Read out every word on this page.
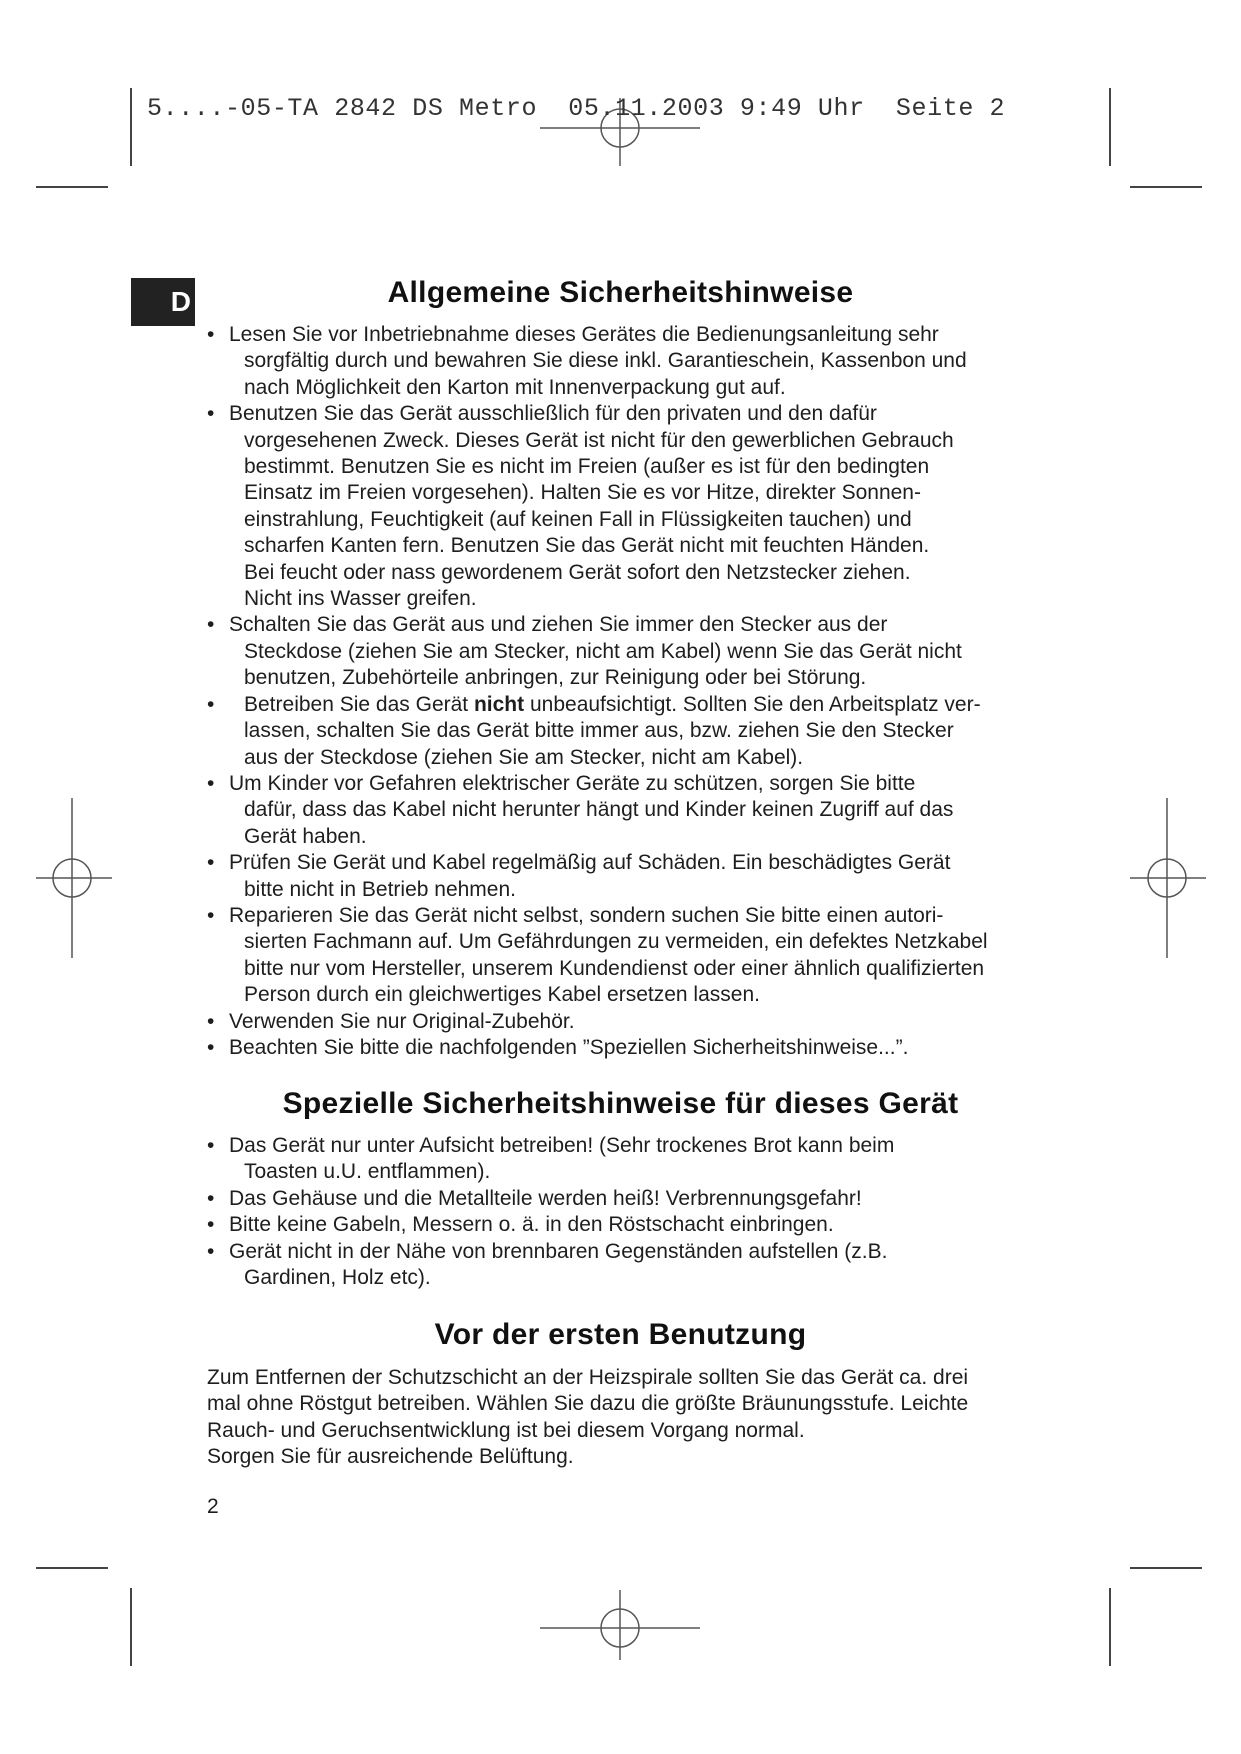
5....-05-TA 2842 DS Metro  05.11.2003 9:49 Uhr  Seite 2
D	Allgemeine Sicherheitshinweise
• Lesen Sie vor Inbetriebnahme dieses Gerätes die Bedienungsanleitung sehr
sorgfältig durch und bewahren Sie diese inkl. Garantieschein, Kassenbon und
nach Möglichkeit den Karton mit Innenverpackung gut auf.
• Benutzen Sie das Gerät ausschließlich für den privaten und den dafür
vorgesehenen Zweck. Dieses Gerät ist nicht für den gewerblichen Gebrauch
bestimmt. Benutzen Sie es nicht im Freien (außer es ist für den bedingten
Einsatz im Freien vorgesehen). Halten Sie es vor Hitze, direkter Sonnen-
einstrahlung, Feuchtigkeit (auf keinen Fall in Flüssigkeiten tauchen) und
scharfen Kanten fern. Benutzen Sie das Gerät nicht mit feuchten Händen.
Bei feucht oder nass gewordenem Gerät sofort den Netzstecker ziehen.
Nicht ins Wasser greifen.
• Schalten Sie das Gerät aus und ziehen Sie immer den Stecker aus der
Steckdose (ziehen Sie am Stecker, nicht am Kabel) wenn Sie das Gerät nicht
benutzen, Zubehörteile anbringen, zur Reinigung oder bei Störung.
• Betreiben Sie das Gerät nicht unbeaufsichtigt. Sollten Sie den Arbeitsplatz ver-
lassen, schalten Sie das Gerät bitte immer aus, bzw. ziehen Sie den Stecker
aus der Steckdose (ziehen Sie am Stecker, nicht am Kabel).
• Um Kinder vor Gefahren elektrischer Geräte zu schützen, sorgen Sie bitte
dafür, dass das Kabel nicht herunter hängt und Kinder keinen Zugriff auf das
Gerät haben.
• Prüfen Sie Gerät und Kabel regelmäßig auf Schäden. Ein beschädigtes Gerät
bitte nicht in Betrieb nehmen.
• Reparieren Sie das Gerät nicht selbst, sondern suchen Sie bitte einen autori-
sierten Fachmann auf. Um Gefährdungen zu vermeiden, ein defektes Netzkabel
bitte nur vom Hersteller, unserem Kundendienst oder einer ähnlich qualifizierten
Person durch ein gleichwertiges Kabel ersetzen lassen.
• Verwenden Sie nur Original-Zubehör.
• Beachten Sie bitte die nachfolgenden ”Speziellen Sicherheitshinweise...”.
Spezielle Sicherheitshinweise für dieses Gerät
• Das Gerät nur unter Aufsicht betreiben! (Sehr trockenes Brot kann beim
Toasten u.U. entflammen).
• Das Gehäuse und die Metallteile werden heiß! Verbrennungsgefahr!
• Bitte keine Gabeln, Messern o. ä. in den Röstschacht einbringen.
• Gerät nicht in der Nähe von brennbaren Gegenständen aufstellen (z.B.
Gardinen, Holz etc).
Vor der ersten Benutzung

Zum Entfernen der Schutzschicht an der Heizspirale sollten Sie das Gerät ca. drei

mal ohne Röstgut betreiben. Wählen Sie dazu die größte Bräunungsstufe. Leichte

Rauch- und Geruchsentwicklung ist bei diesem Vorgang normal.

Sorgen Sie für ausreichende Belüftung.

2
